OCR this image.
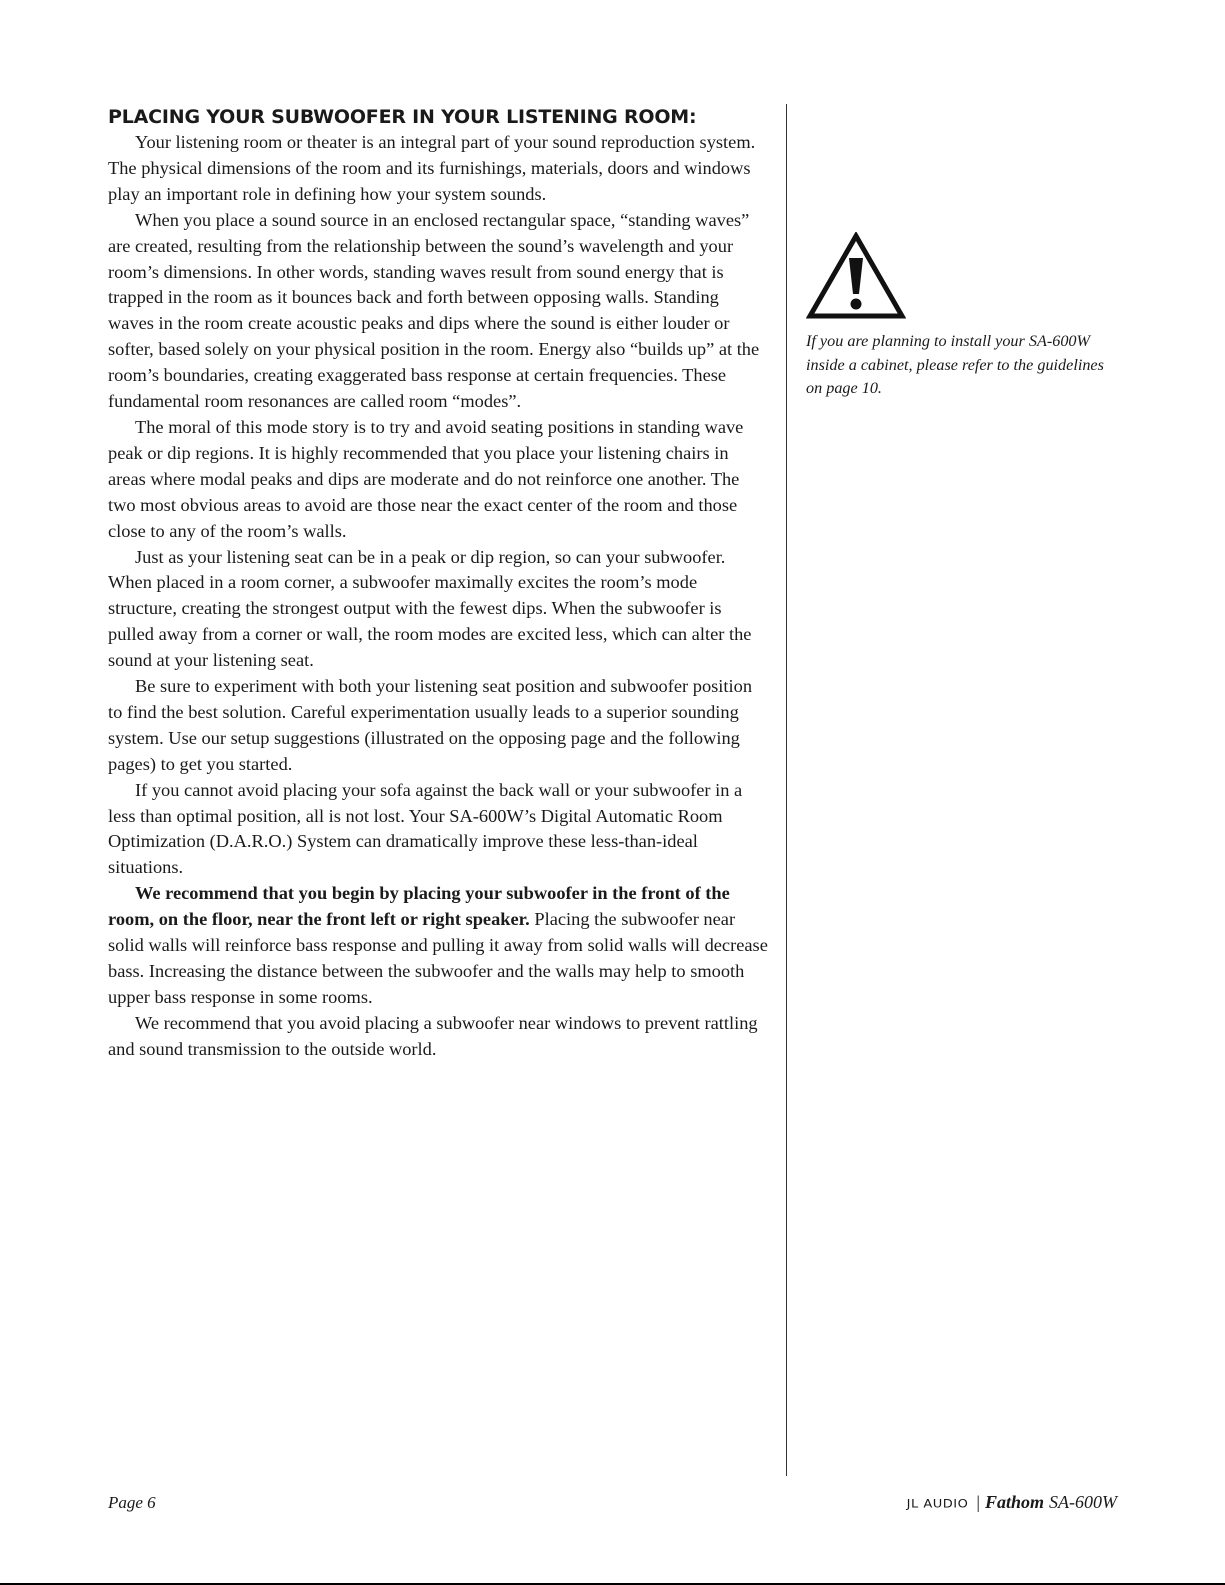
PLACING YOUR SUBWOOFER IN YOUR LISTENING ROOM:

Your listening room or theater is an integral part of your sound reproduction system. The physical dimensions of the room and its furnishings, materials, doors and windows play an important role in defining how your system sounds.

When you place a sound source in an enclosed rectangular space, “standing waves” are created, resulting from the relationship between the sound’s wavelength and your room’s dimensions. In other words, standing waves result from sound energy that is trapped in the room as it bounces back and forth between opposing walls. Standing waves in the room create acoustic peaks and dips where the sound is either louder or softer, based solely on your physical position in the room. Energy also “builds up” at the room’s boundaries, creating exaggerated bass response at certain frequencies. These fundamental room resonances are called room “modes”.

The moral of this mode story is to try and avoid seating positions in standing wave peak or dip regions. It is highly recommended that you place your listening chairs in areas where modal peaks and dips are moderate and do not reinforce one another. The two most obvious areas to avoid are those near the exact center of the room and those close to any of the room’s walls.

Just as your listening seat can be in a peak or dip region, so can your subwoofer. When placed in a room corner, a subwoofer maximally excites the room’s mode structure, creating the strongest output with the fewest dips. When the subwoofer is pulled away from a corner or wall, the room modes are excited less, which can alter the sound at your listening seat.

Be sure to experiment with both your listening seat position and subwoofer position to find the best solution. Careful experimentation usually leads to a superior sounding system. Use our setup suggestions (illustrated on the opposing page and the following pages) to get you started.

If you cannot avoid placing your sofa against the back wall or your subwoofer in a less than optimal position, all is not lost. Your SA-600W’s Digital Automatic Room Optimization (D.A.R.O.) System can dramatically improve these less-than-ideal situations.

We recommend that you begin by placing your subwoofer in the front of the room, on the floor, near the front left or right speaker. Placing the subwoofer near solid walls will reinforce bass response and pulling it away from solid walls will decrease bass. Increasing the distance between the subwoofer and the walls may help to smooth upper bass response in some rooms.

We recommend that you avoid placing a subwoofer near windows to prevent rattling and sound transmission to the outside world.

If you are planning to install your SA-600W inside a cabinet, please refer to the guidelines on page 10.

Page 6	JL AUDIO | Fathom SA-600W
